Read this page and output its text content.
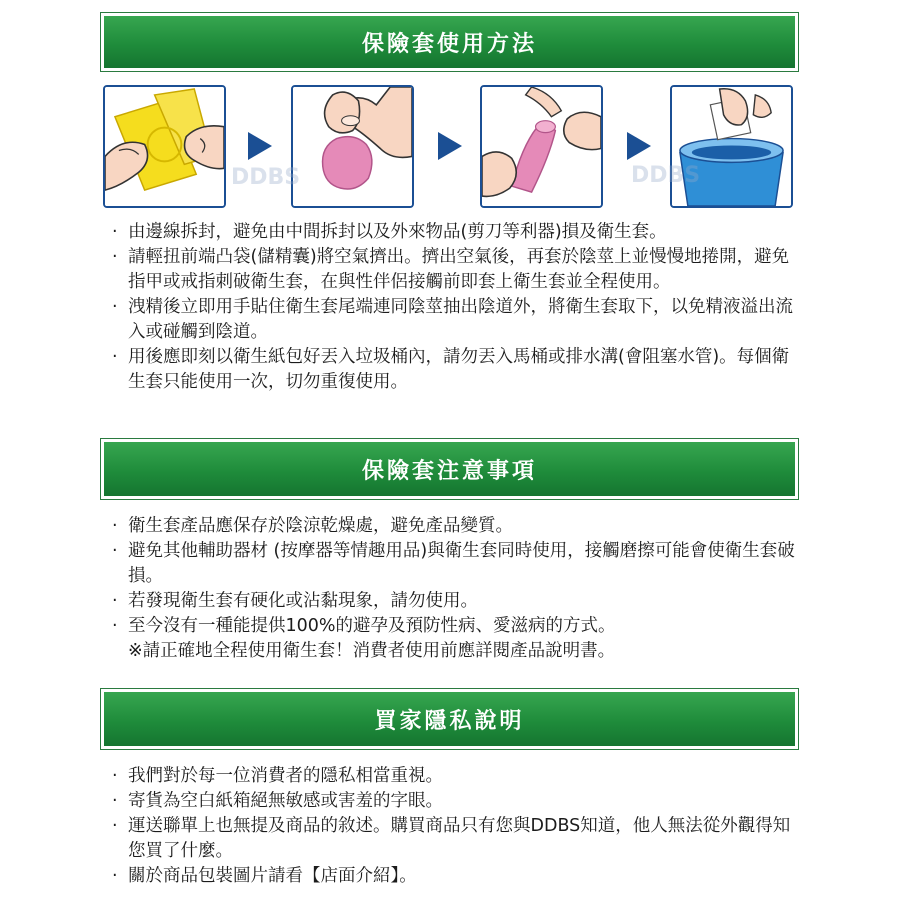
保險套使用方法
DDBS	DDBS
· 由邊線拆封，避免由中間拆封以及外來物品(剪刀等利器)損及衛生套。
· 請輕扭前端凸袋(儲精囊)將空氣擠出。擠出空氣後，再套於陰莖上並慢慢地捲開，避免指甲或戒指刺破衛生套，在與性伴侶接觸前即套上衛生套並全程使用。
· 洩精後立即用手貼住衛生套尾端連同陰莖抽出陰道外，將衛生套取下，以免精液溢出流入或碰觸到陰道。
· 用後應即刻以衛生紙包好丟入垃圾桶內，請勿丟入馬桶或排水溝(會阻塞水管)。每個衛生套只能使用一次，切勿重復使用。
保險套注意事項
· 衛生套產品應保存於陰涼乾燥處，避免產品變質。
· 避免其他輔助器材 (按摩器等情趣用品)與衛生套同時使用，接觸磨擦可能會使衛生套破損。
· 若發現衛生套有硬化或沾黏現象，請勿使用。
· 至今沒有一種能提供100%的避孕及預防性病、愛滋病的方式。
※請正確地全程使用衛生套！消費者使用前應詳閱產品說明書。
買家隱私說明
· 我們對於每一位消費者的隱私相當重視。
· 寄貨為空白紙箱絕無敏感或害羞的字眼。
· 運送聯單上也無提及商品的敘述。購買商品只有您與DDBS知道，他人無法從外觀得知您買了什麼。
· 關於商品包裝圖片請看【店面介紹】。
